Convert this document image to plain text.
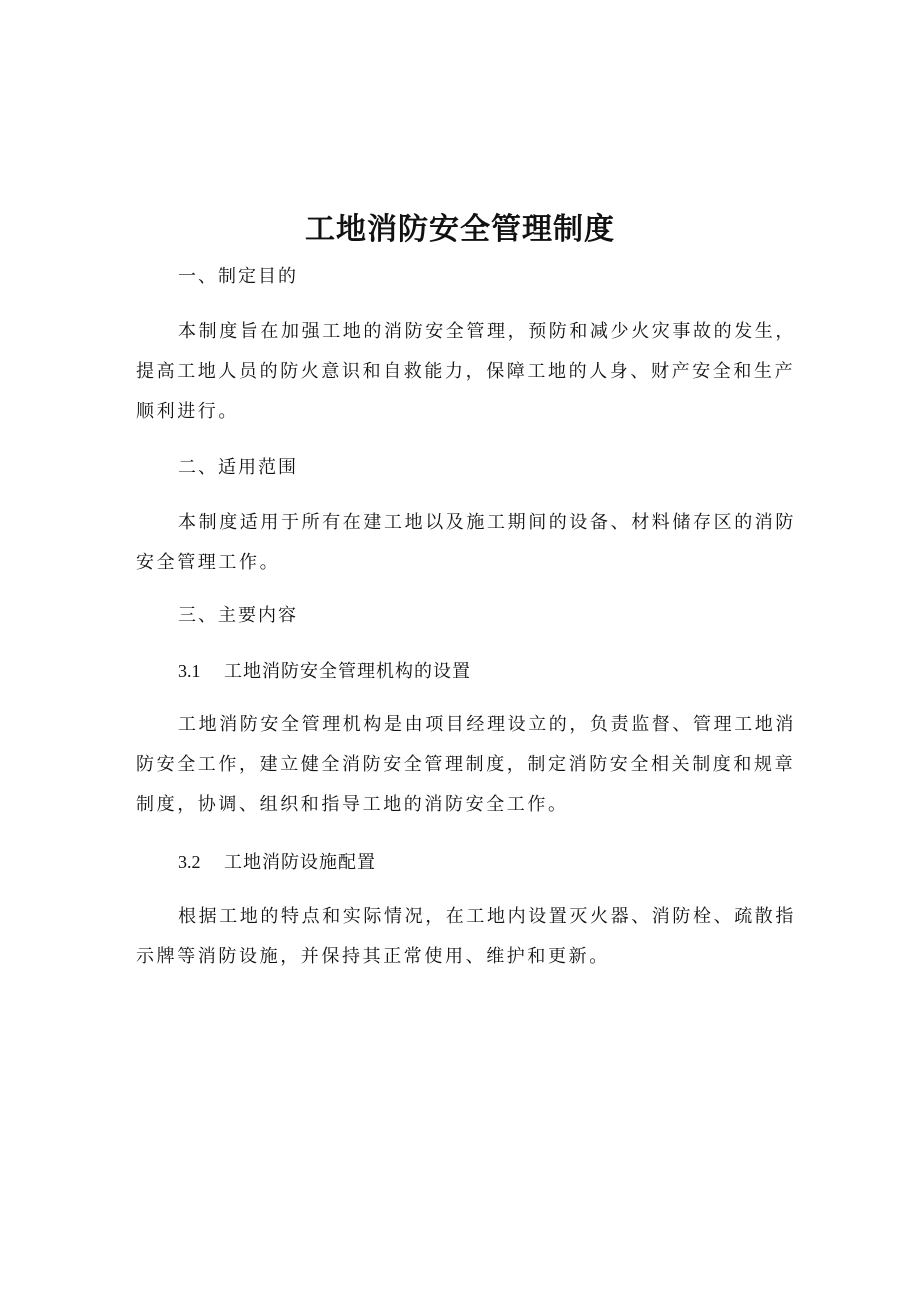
工地消防安全管理制度

一、制定目的

本制度旨在加强工地的消防安全管理，预防和减少火灾事故的发生，提高工地人员的防火意识和自救能力，保障工地的人身、财产安全和生产顺利进行。

二、适用范围

本制度适用于所有在建工地以及施工期间的设备、材料储存区的消防安全管理工作。

三、主要内容

3.1 工地消防安全管理机构的设置

工地消防安全管理机构是由项目经理设立的，负责监督、管理工地消防安全工作，建立健全消防安全管理制度，制定消防安全相关制度和规章制度，协调、组织和指导工地的消防安全工作。

3.2 工地消防设施配置

根据工地的特点和实际情况，在工地内设置灭火器、消防栓、疏散指示牌等消防设施，并保持其正常使用、维护和更新。
